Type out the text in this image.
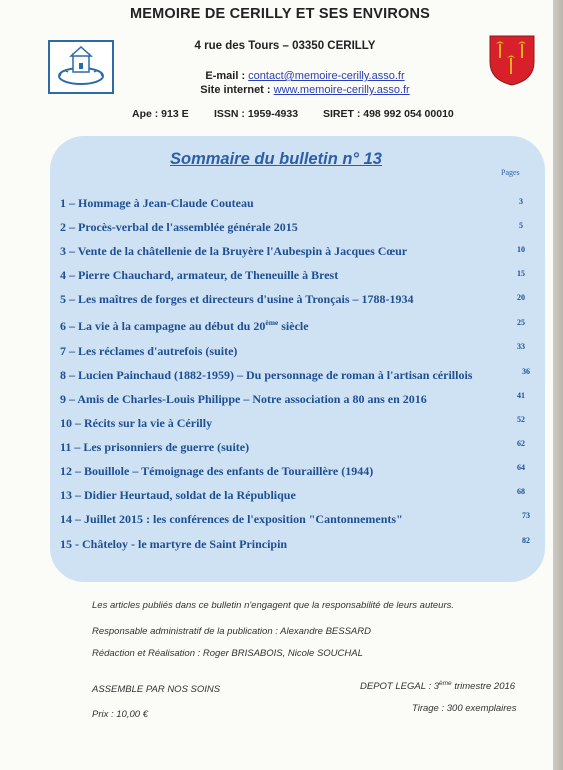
MEMOIRE DE CERILLY ET SES ENVIRONS
4 rue des Tours – 03350 CERILLY
E-mail : contact@memoire-cerilly.asso.fr
Site internet : www.memoire-cerilly.asso.fr
Ape : 913 E ISSN : 1959-4933 SIRET : 498 992 054 00010
Sommaire du bulletin n° 13
Pages
1 – Hommage à Jean-Claude Couteau	3
2 – Procès-verbal de l'assemblée générale 2015	5
3 – Vente de la châtellenie de la Bruyère l'Aubespin à Jacques Cœur	10
4 – Pierre Chauchard, armateur, de Theneuille à Brest	15
5 – Les maîtres de forges et directeurs d'usine à Tronçais – 1788-1934	20
6 – La vie à la campagne au début du 20ème siècle	25
7 – Les réclames d'autrefois (suite)	33
8 – Lucien Painchaud (1882-1959) – Du personnage de roman à l'artisan cérillois	36
9 – Amis de Charles-Louis Philippe – Notre association a 80 ans en 2016	41
10 – Récits sur la vie à Cérilly	52
11 – Les prisonniers de guerre (suite)	62
12 – Bouillole – Témoignage des enfants de Touraillère (1944)	64
13 – Didier Heurtaud, soldat de la République	68
14 – Juillet 2015 : les conférences de l'exposition "Cantonnements"	73
15 - Châteloy - le martyre de Saint Principin	82
Les articles publiés dans ce bulletin n'engagent que la responsabilité de leurs auteurs.
Responsable administratif de la publication : Alexandre BESSARD
Rédaction et Réalisation : Roger BRISABOIS, Nicole SOUCHAL
ASSEMBLE PAR NOS SOINS	DEPOT LEGAL : 3ème trimestre 2016
Prix : 10,00 €
Tirage : 300 exemplaires
